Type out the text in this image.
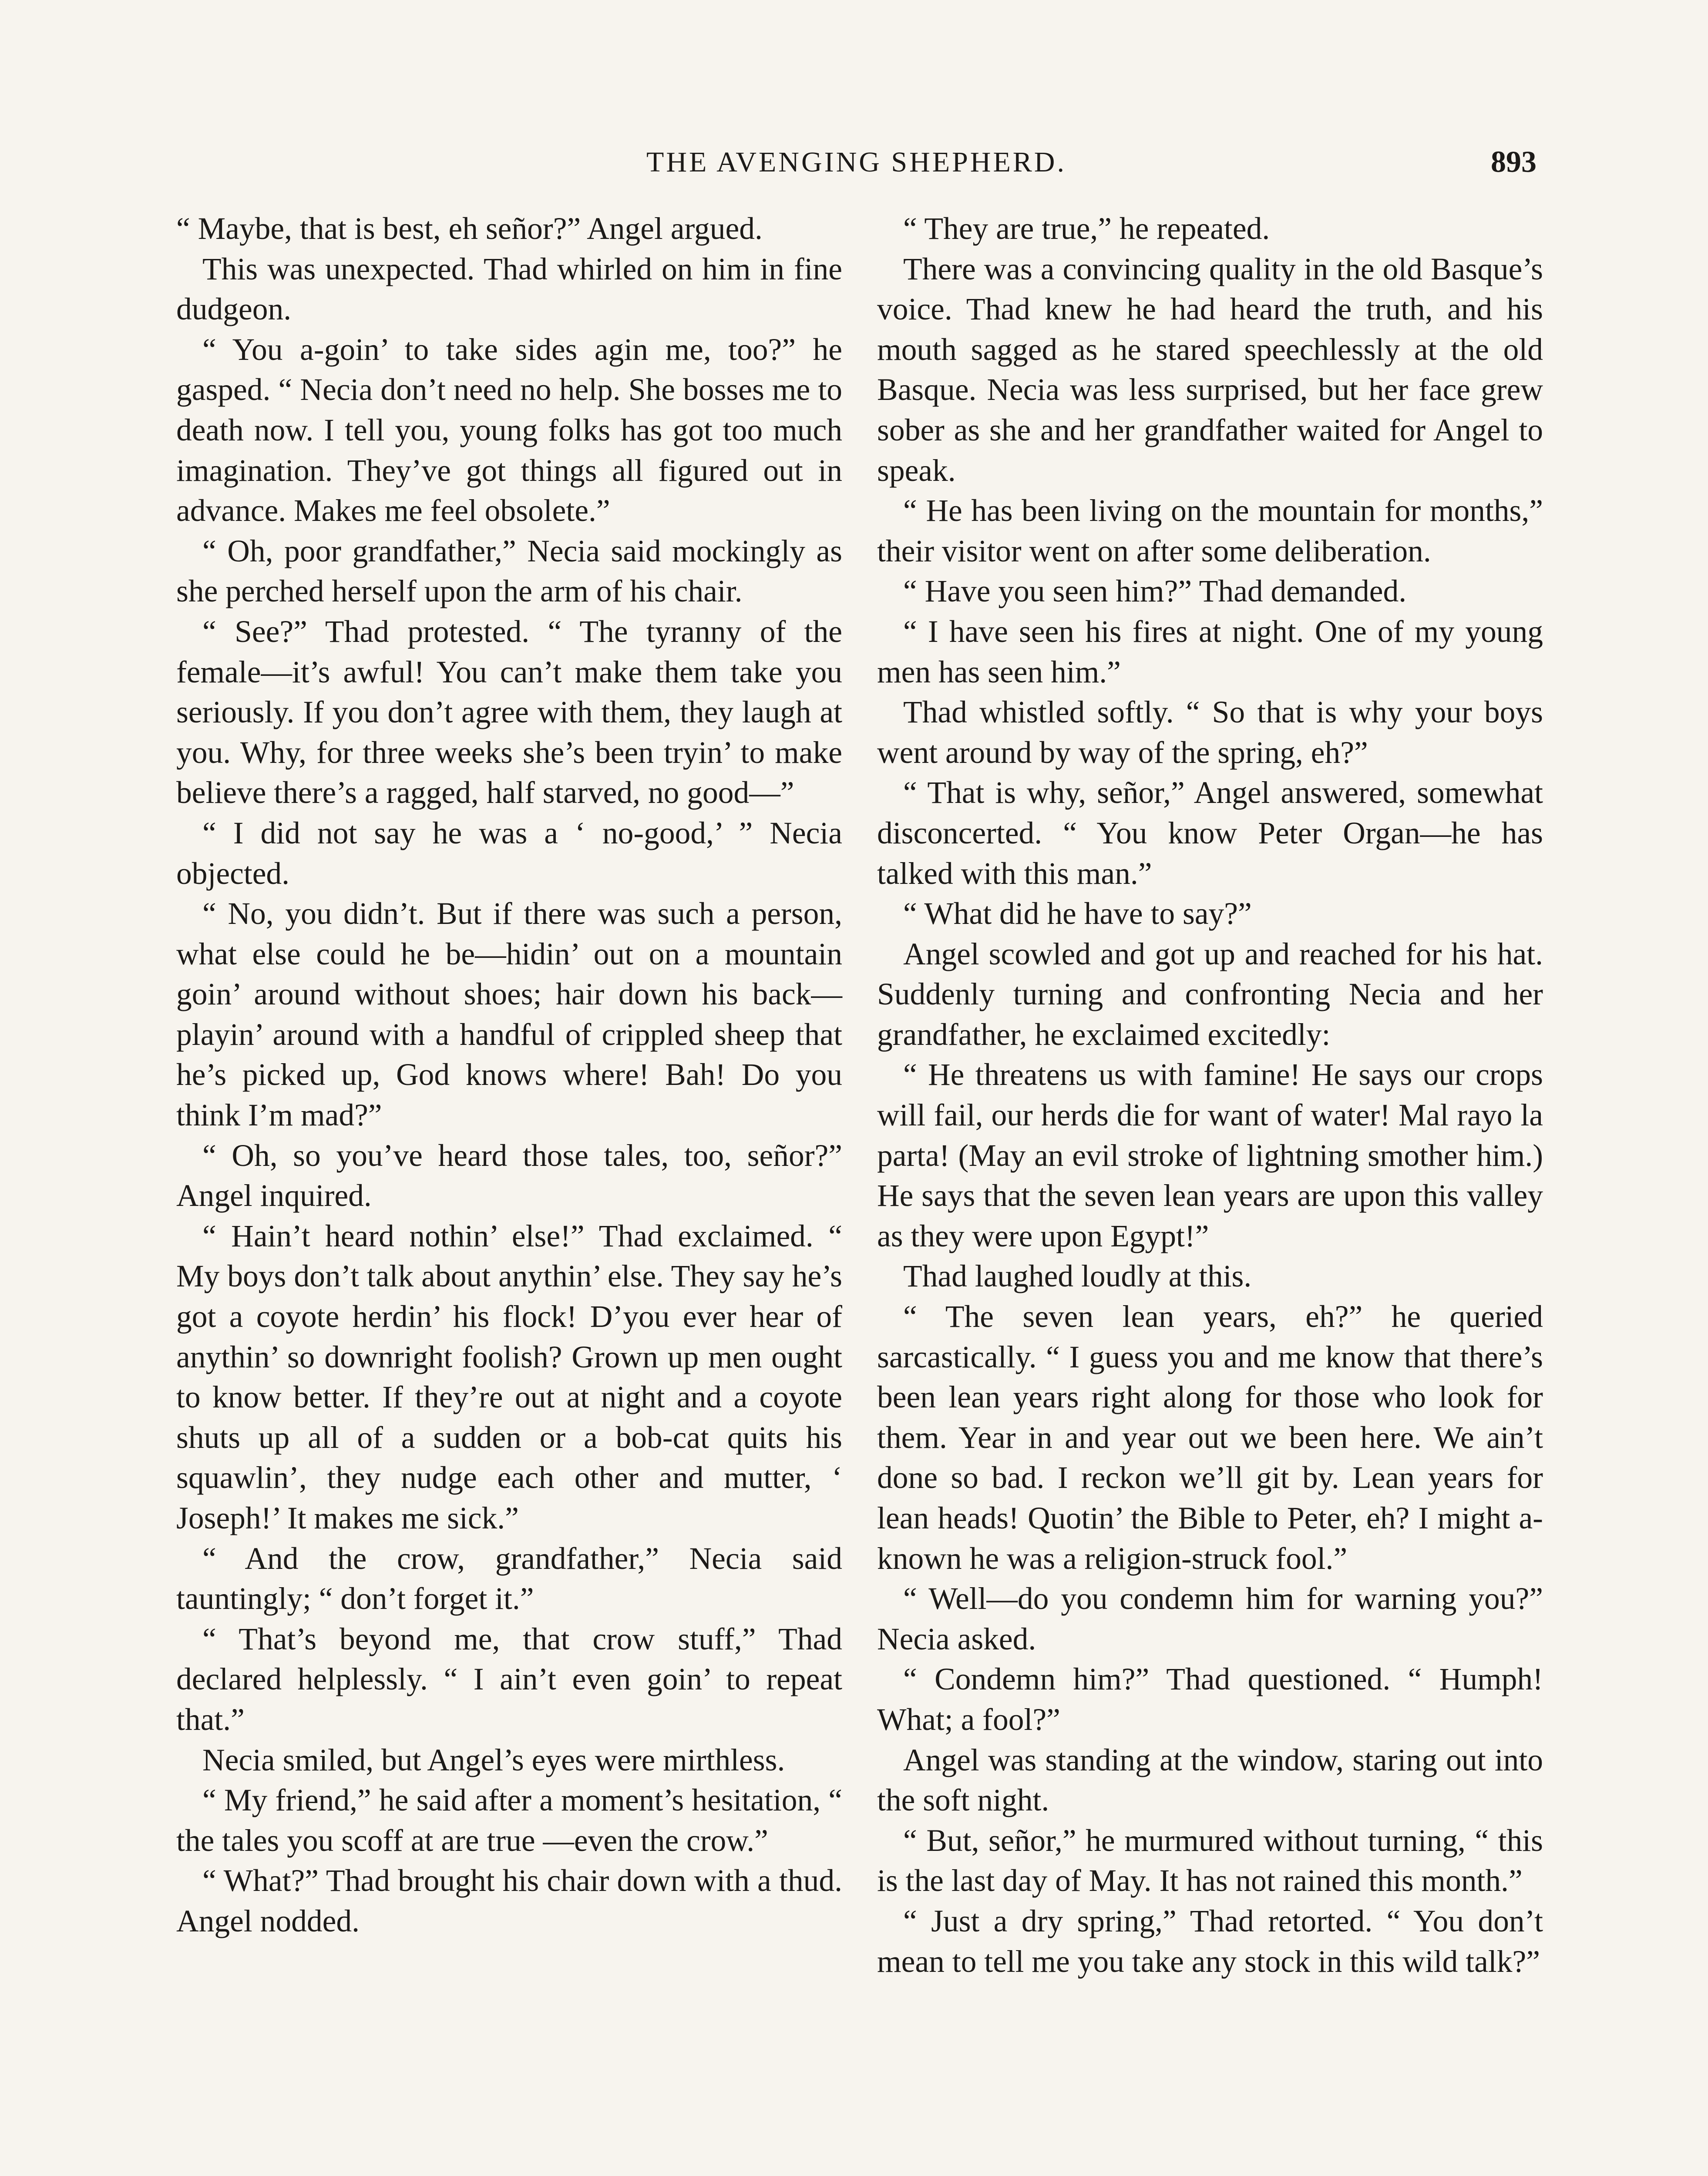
THE AVENGING SHEPHERD.	893

“ Maybe, that is best, eh señor?” Angel argued.

This was unexpected. Thad whirled on him in fine dudgeon.

“ You a-goin’ to take sides agin me, too?” he gasped. “ Necia don’t need no help. She bosses me to death now. I tell you, young folks has got too much imagination. They’ve got things all figured out in advance. Makes me feel obsolete.”

“ Oh, poor grandfather,” Necia said mockingly as she perched herself upon the arm of his chair.

“ See?” Thad protested. “ The tyranny of the female—it’s awful! You can’t make them take you seriously. If you don’t agree with them, they laugh at you. Why, for three weeks she’s been tryin’ to make believe there’s a ragged, half starved, no good—”

“ I did not say he was a ‘ no-good,’ ” Necia objected.

“ No, you didn’t. But if there was such a person, what else could he be—hidin’ out on a mountain goin’ around without shoes; hair down his back—playin’ around with a handful of crippled sheep that he’s picked up, God knows where! Bah! Do you think I’m mad?”

“ Oh, so you’ve heard those tales, too, señor?” Angel inquired.

“ Hain’t heard nothin’ else!” Thad exclaimed. “ My boys don’t talk about anythin’ else. They say he’s got a coyote herdin’ his flock! D’you ever hear of anythin’ so downright foolish? Grown up men ought to know better. If they’re out at night and a coyote shuts up all of a sudden or a bob-cat quits his squawlin’, they nudge each other and mutter, ‘ Joseph!’ It makes me sick.”

“ And the crow, grandfather,” Necia said tauntingly; “ don’t forget it.”

“ That’s beyond me, that crow stuff,” Thad declared helplessly. “ I ain’t even goin’ to repeat that.”

Necia smiled, but Angel’s eyes were mirthless.

“ My friend,” he said after a moment’s hesitation, “ the tales you scoff at are true —even the crow.”

“ What?” Thad brought his chair down with a thud. Angel nodded.

“ They are true,” he repeated.

There was a convincing quality in the old Basque’s voice. Thad knew he had heard the truth, and his mouth sagged as he stared speechlessly at the old Basque. Necia was less surprised, but her face grew sober as she and her grandfather waited for Angel to speak.

“ He has been living on the mountain for months,” their visitor went on after some deliberation.

“ Have you seen him?” Thad demanded.

“ I have seen his fires at night. One of my young men has seen him.”

Thad whistled softly. “ So that is why your boys went around by way of the spring, eh?”

“ That is why, señor,” Angel answered, somewhat disconcerted. “ You know Peter Organ—he has talked with this man.”

“ What did he have to say?”

Angel scowled and got up and reached for his hat. Suddenly turning and confronting Necia and her grandfather, he exclaimed excitedly:

“ He threatens us with famine! He says our crops will fail, our herds die for want of water! Mal rayo la parta! (May an evil stroke of lightning smother him.) He says that the seven lean years are upon this valley as they were upon Egypt!”

Thad laughed loudly at this.

“ The seven lean years, eh?” he queried sarcastically. “ I guess you and me know that there’s been lean years right along for those who look for them. Year in and year out we been here. We ain’t done so bad. I reckon we’ll git by. Lean years for lean heads! Quotin’ the Bible to Peter, eh? I might a-known he was a religion-struck fool.”

“ Well—do you condemn him for warning you?” Necia asked.

“ Condemn him?” Thad questioned. “ Humph! What; a fool?”

Angel was standing at the window, staring out into the soft night.

“ But, señor,” he murmured without turning, “ this is the last day of May. It has not rained this month.”

“ Just a dry spring,” Thad retorted. “ You don’t mean to tell me you take any stock in this wild talk?”
